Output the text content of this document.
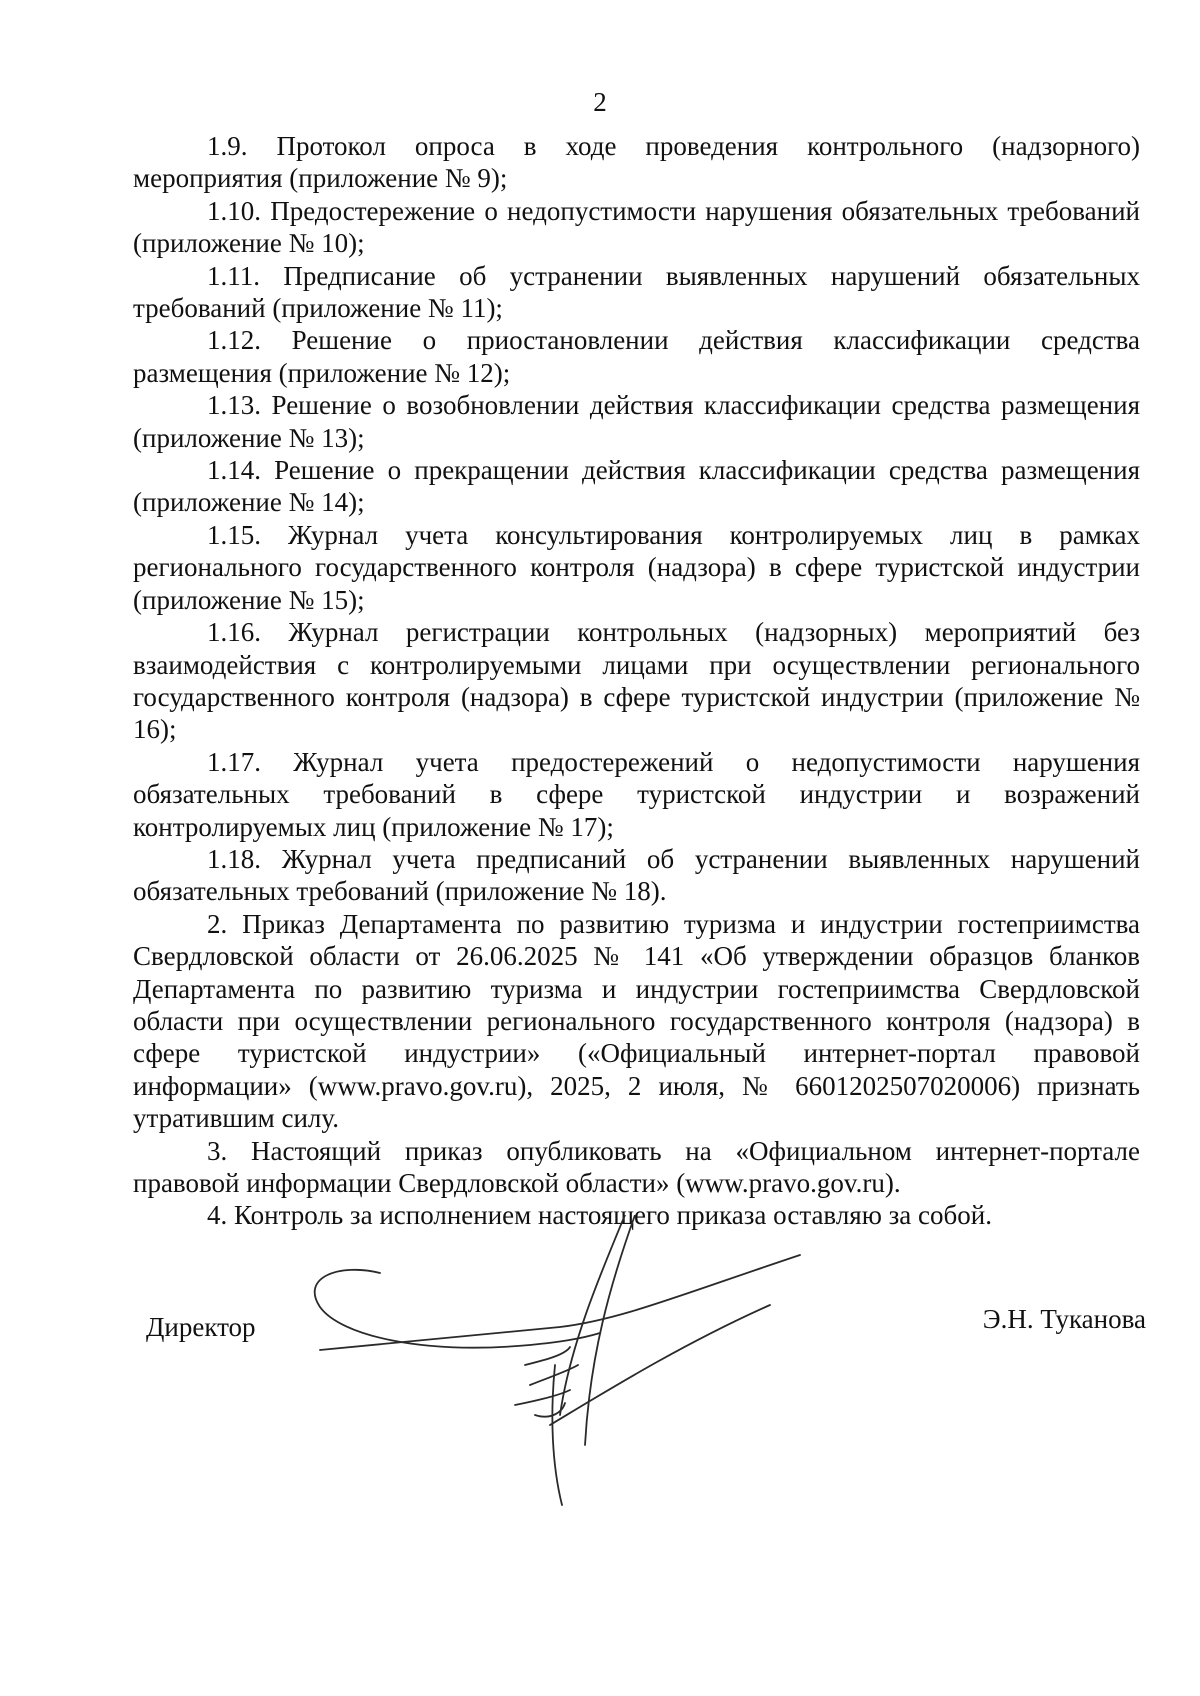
2

1.9. Протокол опроса в ходе проведения контрольного (надзорного) мероприятия (приложение № 9);

1.10. Предостережение о недопустимости нарушения обязательных требований (приложение № 10);

1.11. Предписание об устранении выявленных нарушений обязательных требований (приложение № 11);

1.12. Решение о приостановлении действия классификации средства размещения (приложение № 12);

1.13. Решение о возобновлении действия классификации средства размещения (приложение № 13);

1.14. Решение о прекращении действия классификации средства размещения (приложение № 14);

1.15. Журнал учета консультирования контролируемых лиц в рамках регионального государственного контроля (надзора) в сфере туристской индустрии (приложение № 15);

1.16. Журнал регистрации контрольных (надзорных) мероприятий без взаимодействия с контролируемыми лицами при осуществлении регионального государственного контроля (надзора) в сфере туристской индустрии (приложение № 16);

1.17. Журнал учета предостережений о недопустимости нарушения обязательных требований в сфере туристской индустрии и возражений контролируемых лиц (приложение № 17);

1.18. Журнал учета предписаний об устранении выявленных нарушений обязательных требований (приложение № 18).

2. Приказ Департамента по развитию туризма и индустрии гостеприимства Свердловской области от 26.06.2025 № 141 «Об утверждении образцов бланков Департамента по развитию туризма и индустрии гостеприимства Свердловской области при осуществлении регионального государственного контроля (надзора) в сфере туристской индустрии» («Официальный интернет-портал правовой информации» (www.pravo.gov.ru), 2025, 2 июля, № 6601202507020006) признать утратившим силу.

3. Настоящий приказ опубликовать на «Официальном интернет-портале правовой информации Свердловской области» (www.pravo.gov.ru).

4. Контроль за исполнением настоящего приказа оставляю за собой.

Директор	Э.Н. Туканова
